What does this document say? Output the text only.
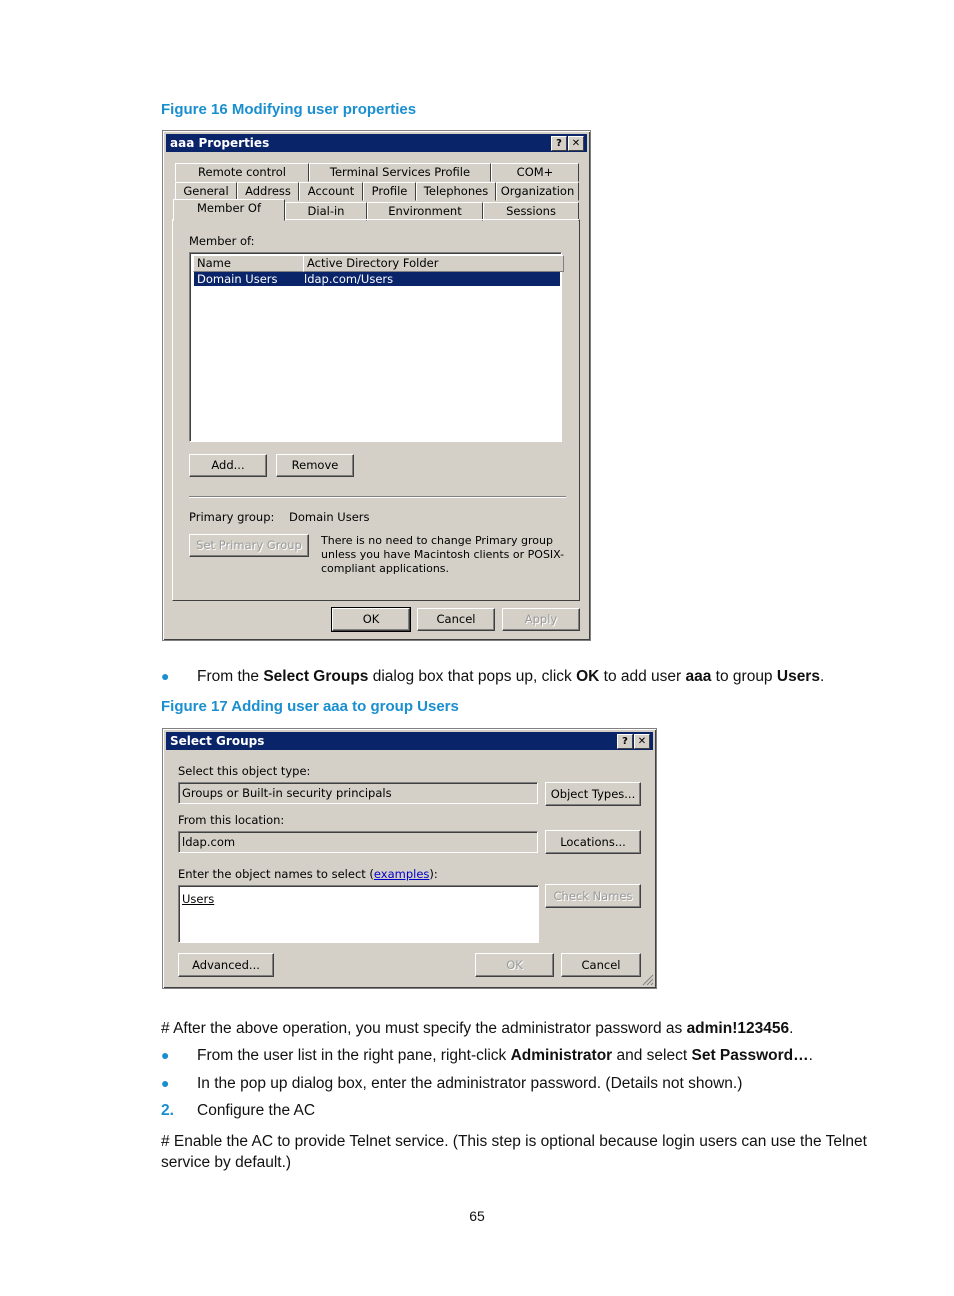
Figure 16 Modifying user properties
aaa Properties	? ✕
Remote control	Terminal Services Profile	COM+
General	Address	Account	Profile	Telephones	Organization
Member Of	Dial-in	Environment	Sessions
Member of:
Name	Active Directory Folder
Domain Users ldap.com/Users
Add...	Remove
Primary group: Domain Users
Set Primary Group	There is no need to change Primary group unless you have Macintosh clients or POSIX-compliant applications.
OK	Cancel	Apply
● From the Select Groups dialog box that pops up, click OK to add user aaa to group Users.
Figure 17 Adding user aaa to group Users
Select Groups	? ✕
Select this object type:
Groups or Built-in security principals	Object Types...
From this location:
ldap.com	Locations...
Enter the object names to select (examples):
Users	Check Names
Advanced...	OK	Cancel
# After the above operation, you must specify the administrator password as admin!123456.
● From the user list in the right pane, right-click Administrator and select Set Password….
● In the pop up dialog box, enter the administrator password. (Details not shown.)
2. Configure the AC
# Enable the AC to provide Telnet service. (This step is optional because login users can use the Telnet service by default.)
65
